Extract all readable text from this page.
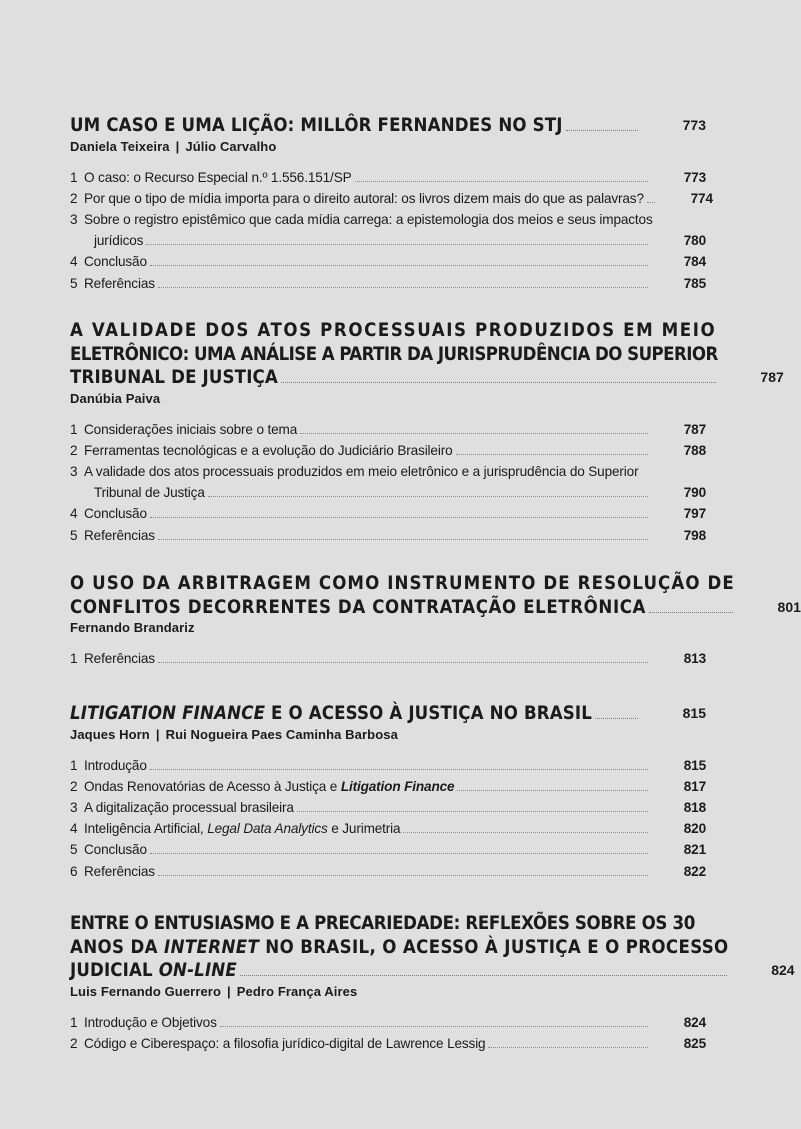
UM CASO E UMA LIÇÃO: MILLÔR FERNANDES NO STJ	773
Daniela Teixeira | Júlio Carvalho
1 O caso: o Recurso Especial n.º 1.556.151/SP	773
2 Por que o tipo de mídia importa para o direito autoral: os livros dizem mais do que as palavras?	774
3 Sobre o registro epistêmico que cada mídia carrega: a epistemologia dos meios e seus impactos
jurídicos	780
4 Conclusão	784
5 Referências	785
A VALIDADE DOS ATOS PROCESSUAIS PRODUZIDOS EM MEIO
ELETRÔNICO: UMA ANÁLISE A PARTIR DA JURISPRUDÊNCIA DO SUPERIOR
TRIBUNAL DE JUSTIÇA	787
Danúbia Paiva
1 Considerações iniciais sobre o tema	787
2 Ferramentas tecnológicas e a evolução do Judiciário Brasileiro	788
3 A validade dos atos processuais produzidos em meio eletrônico e a jurisprudência do Superior
Tribunal de Justiça	790
4 Conclusão	797
5 Referências	798
O USO DA ARBITRAGEM COMO INSTRUMENTO DE RESOLUÇÃO DE
CONFLITOS DECORRENTES DA CONTRATAÇÃO ELETRÔNICA	801
Fernando Brandariz
1 Referências	813
LITIGATION FINANCE E O ACESSO À JUSTIÇA NO BRASIL	815
Jaques Horn | Rui Nogueira Paes Caminha Barbosa
1 Introdução	815
2 Ondas Renovatórias de Acesso à Justiça e Litigation Finance	817
3 A digitalização processual brasileira	818
4 Inteligência Artificial, Legal Data Analytics e Jurimetria	820
5 Conclusão	821
6 Referências	822
ENTRE O ENTUSIASMO E A PRECARIEDADE: REFLEXÕES SOBRE OS 30
ANOS DA INTERNET NO BRASIL, O ACESSO À JUSTIÇA E O PROCESSO
JUDICIAL ON-LINE	824
Luis Fernando Guerrero | Pedro França Aires
1 Introdução e Objetivos	824
2 Código e Ciberespaço: a filosofia jurídico-digital de Lawrence Lessig	825
